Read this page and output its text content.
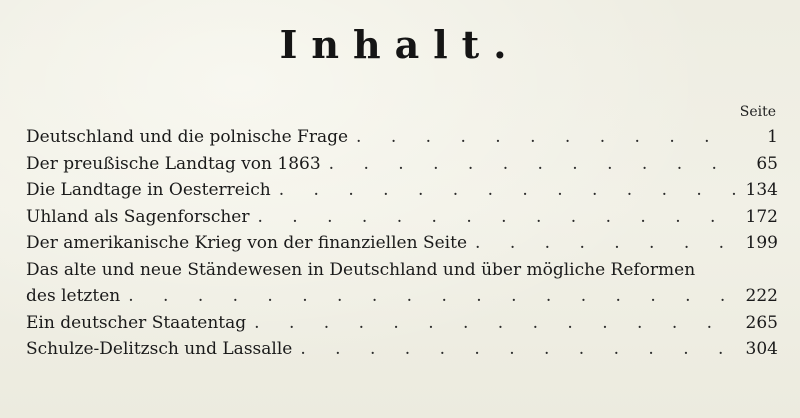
Inhalt.
Seite
Deutschland und die polnische Frage . . .	1
Der preußische Landtag von 1863 . . .	65
Die Landtage in Oesterreich . . .	134
Uhland als Sagenforscher . . .	172
Der amerikanische Krieg von der finanziellen Seite . . .	199
Das alte und neue Ständewesen in Deutschland und über mögliche Reformen
des letzten . . .	222
Ein deutscher Staatentag . . .	265
Schulze-Delitzsch und Lassalle . . .	304
